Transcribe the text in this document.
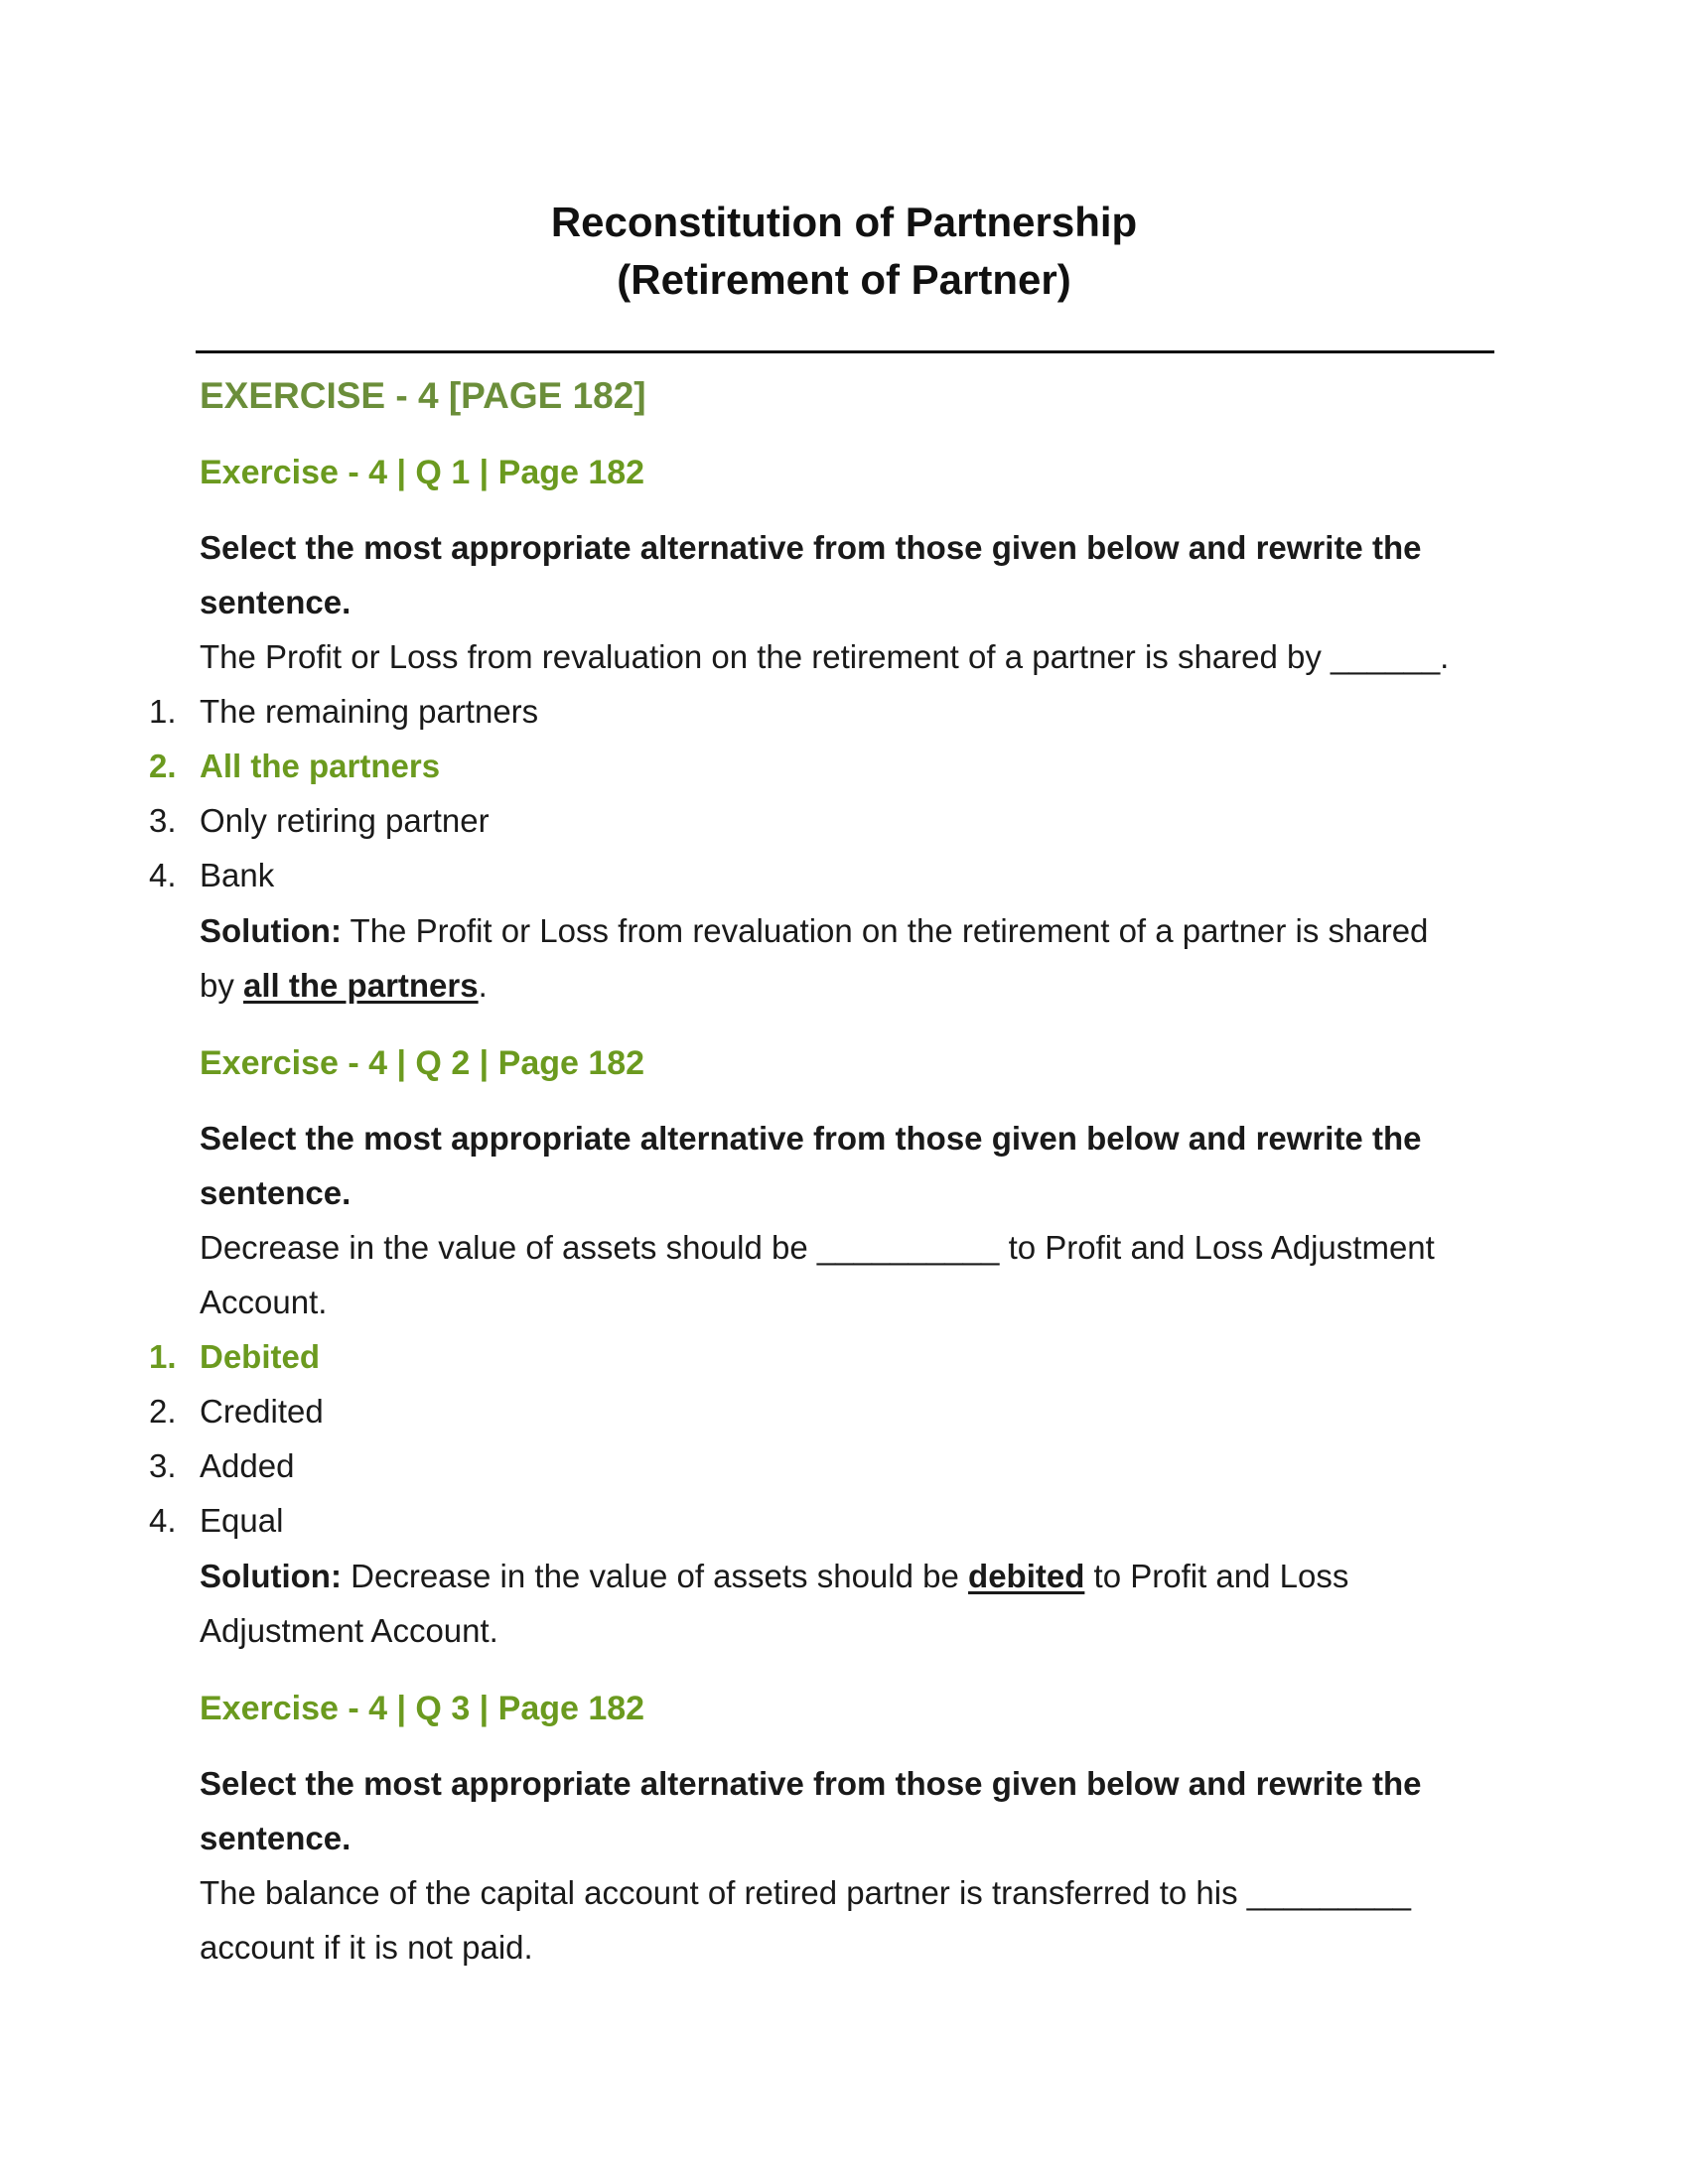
Reconstitution of Partnership
(Retirement of Partner)
EXERCISE - 4 [PAGE 182]
Exercise - 4 | Q 1 | Page 182
Select the most appropriate alternative from those given below and rewrite the
sentence.
The Profit or Loss from revaluation on the retirement of a partner is shared by ______.
1. The remaining partners
2. All the partners
3. Only retiring partner
4. Bank
Solution: The Profit or Loss from revaluation on the retirement of a partner is shared
by all the partners.
Exercise - 4 | Q 2 | Page 182
Select the most appropriate alternative from those given below and rewrite the
sentence.
Decrease in the value of assets should be __________ to Profit and Loss Adjustment
Account.
1. Debited
2. Credited
3. Added
4. Equal
Solution: Decrease in the value of assets should be debited to Profit and Loss
Adjustment Account.
Exercise - 4 | Q 3 | Page 182
Select the most appropriate alternative from those given below and rewrite the
sentence.
The balance of the capital account of retired partner is transferred to his _________
account if it is not paid.
